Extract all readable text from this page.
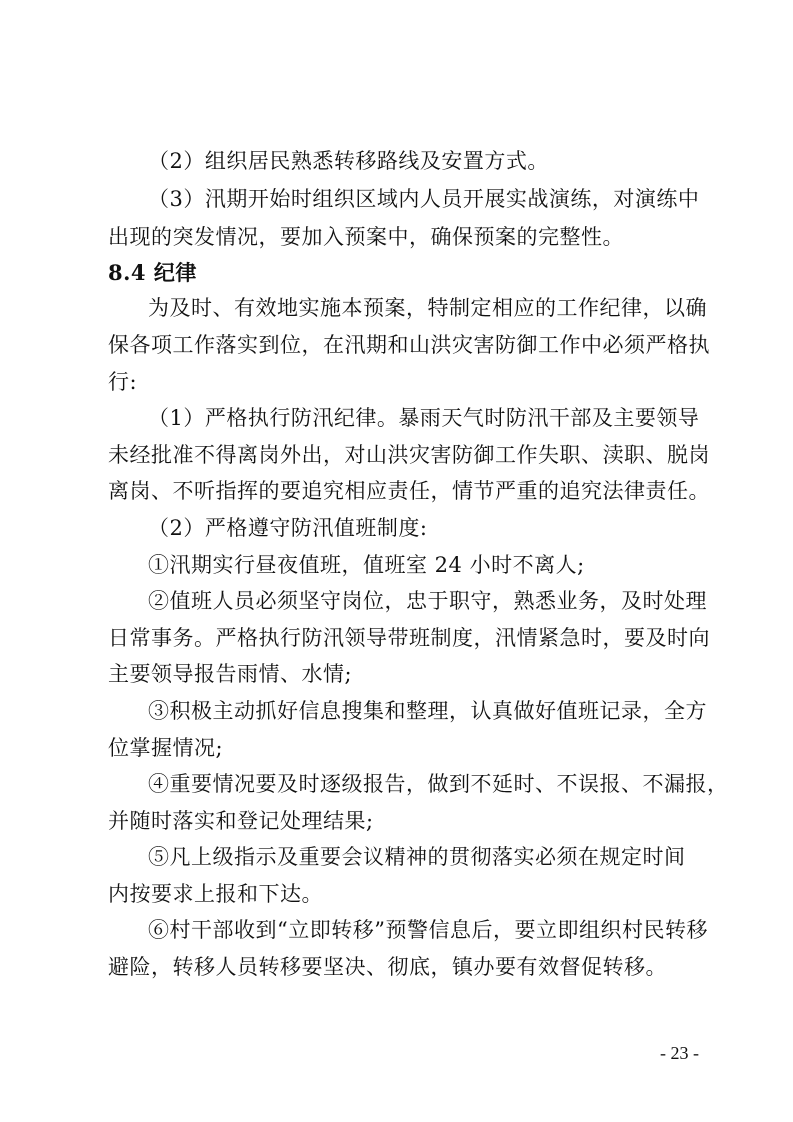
（2）组织居民熟悉转移路线及安置方式。
（3）汛期开始时组织区域内人员开展实战演练，对演练中
出现的突发情况，要加入预案中，确保预案的完整性。
8.4 纪律
为及时、有效地实施本预案，特制定相应的工作纪律，以确
保各项工作落实到位，在汛期和山洪灾害防御工作中必须严格执
行:
（1）严格执行防汛纪律。暴雨天气时防汛干部及主要领导
未经批准不得离岗外出，对山洪灾害防御工作失职、渎职、脱岗
离岗、不听指挥的要追究相应责任，情节严重的追究法律责任。
（2）严格遵守防汛值班制度:
①汛期实行昼夜值班，值班室 24 小时不离人;
②值班人员必须坚守岗位，忠于职守，熟悉业务，及时处理
日常事务。严格执行防汛领导带班制度，汛情紧急时，要及时向
主要领导报告雨情、水情;
③积极主动抓好信息搜集和整理，认真做好值班记录，全方
位掌握情况;
④重要情况要及时逐级报告，做到不延时、不误报、不漏报，
并随时落实和登记处理结果;
⑤凡上级指示及重要会议精神的贯彻落实必须在规定时间
内按要求上报和下达。
⑥村干部收到“立即转移”预警信息后，要立即组织村民转移
避险，转移人员转移要坚决、彻底，镇办要有效督促转移。
- 23 -
